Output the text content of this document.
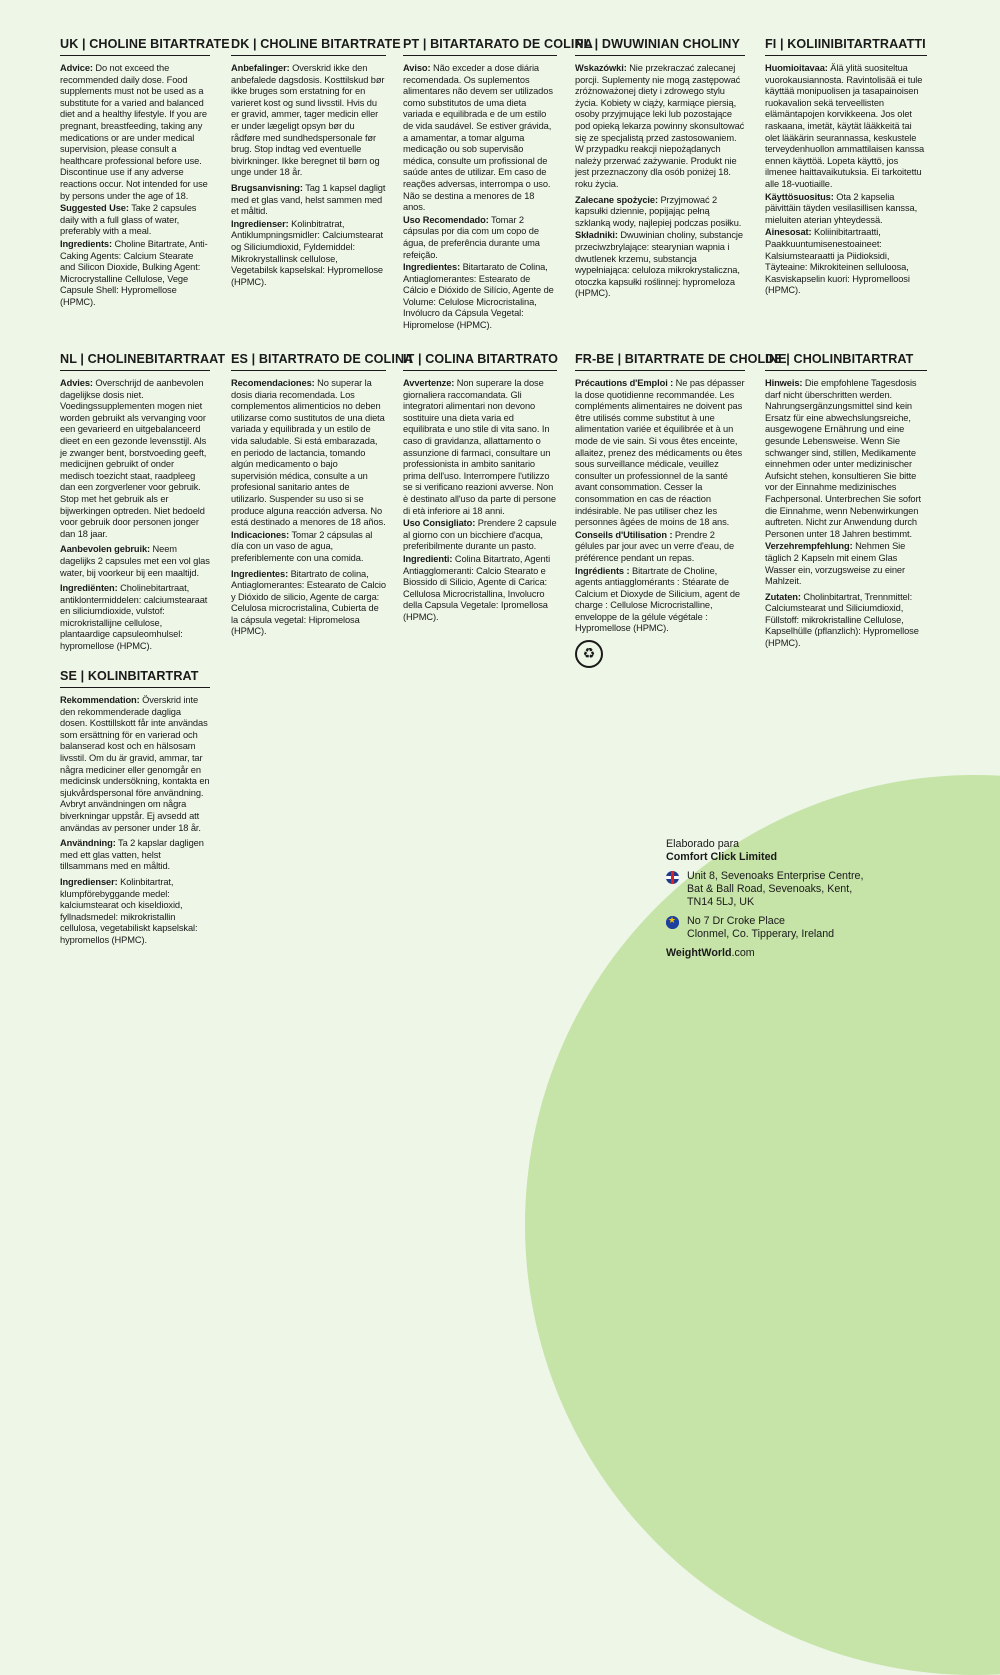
UK | CHOLINE BITARTRATE

Advice: Do not exceed the recommended daily dose. Food supplements must not be used as a substitute for a varied and balanced diet and a healthy lifestyle. If you are pregnant, breastfeeding, taking any medications or are under medical supervision, please consult a healthcare professional before use. Discontinue use if any adverse reactions occur. Not intended for use by persons under the age of 18.

Suggested Use: Take 2 capsules daily with a full glass of water, preferably with a meal.

Ingredients: Choline Bitartrate, Anti-Caking Agents: Calcium Stearate and Silicon Dioxide, Bulking Agent: Microcrystalline Cellulose, Vege Capsule Shell: Hypromellose (HPMC).

DK | CHOLINE BITARTRATE

Anbefalinger: Overskrid ikke den anbefalede dagsdosis. Kosttilskud bør ikke bruges som erstatning for en varieret kost og sund livsstil. Hvis du er gravid, ammer, tager medicin eller er under lægeligt opsyn bør du rådføre med sundhedspersonale før brug. Stop indtag ved eventuelle bivirkninger. Ikke beregnet til børn og unge under 18 år.

Brugsanvisning: Tag 1 kapsel dagligt med et glas vand, helst sammen med et måltid.

Ingredienser: Kolinbitratrat, Antiklumpningsmidler: Calciumstearat og Siliciumdioxid, Fyldemiddel: Mikrokrystallinsk cellulose, Vegetabilsk kapselskal: Hypromellose (HPMC).

PT | BITARTARATO DE COLINA

Aviso: Não exceder a dose diária recomendada. Os suplementos alimentares não devem ser utilizados como substitutos de uma dieta variada e equilibrada e de um estilo de vida saudável. Se estiver grávida, a amamentar, a tomar alguma medicação ou sob supervisão médica, consulte um profissional de saúde antes de utilizar. Em caso de reações adversas, interrompa o uso. Não se destina a menores de 18 anos.

Uso Recomendado: Tomar 2 cápsulas por dia com um copo de água, de preferência durante uma refeição.

Ingredientes: Bitartarato de Colina, Antiaglomerantes: Estearato de Cálcio e Dióxido de Silício, Agente de Volume: Celulose Microcristalina, Invólucro da Cápsula Vegetal: Hipromelose (HPMC).

PL | DWUWINIAN CHOLINY

Wskazówki: Nie przekraczać zalecanej porcji. Suplementy nie mogą zastępować zróżnoważonej diety i zdrowego stylu życia. Kobiety w ciąży, karmiące piersią, osoby przyjmujące leki lub pozostające pod opieką lekarza powinny skonsultować się ze specjalistą przed zastosowaniem. W przypadku reakcji niepożądanych należy przerwać zażywanie. Produkt nie jest przeznaczony dla osób poniżej 18. roku życia.

Zalecane spożycie: Przyjmować 2 kapsułki dziennie, popijając pełną szklanką wody, najlepiej podczas posiłku.

Składniki: Dwuwinian choliny, substancje przeciwzbrylające: stearynian wapnia i dwutlenek krzemu, substancja wypełniająca: celuloza mikrokrystaliczna, otoczka kapsułki roślinnej: hypromeloza (HPMC).

FI | KOLIINIBITARTRAATTI

Huomioitavaa: Älä ylitä suositeltua vuorokausiannosta. Ravintolisää ei tule käyttää monipuolisen ja tasapainoisen ruokavalion sekä terveellisten elämäntapojen korvikkeena. Jos olet raskaana, imetät, käytät lääkkeitä tai olet lääkärin seurannassa, keskustele terveydenhuollon ammattilaisen kanssa ennen käyttöä. Lopeta käyttö, jos ilmenee haittavaikutuksia. Ei tarkoitettu alle 18-vuotiaille.

Käyttösuositus: Ota 2 kapselia päivittäin täyden vesilasillisen kanssa, mieluiten aterian yhteydessä.

Ainesosat: Koliinibitartraatti, Paakkuuntumisenestoaineet: Kalsiumstearaatti ja Piidioksidi, Täyteaine: Mikrokiteinen selluloosa, Kasviskapselin kuori: Hypromelloosi (HPMC).

NL | CHOLINEBITARTRAAT

Advies: Overschrijd de aanbevolen dagelijkse dosis niet. Voedingssupplementen mogen niet worden gebruikt als vervanging voor een gevarieerd en uitgebalanceerd dieet en een gezonde levensstijl. Als je zwanger bent, borstvoeding geeft, medicijnen gebruikt of onder medisch toezicht staat, raadpleeg dan een zorgverlener voor gebruik. Stop met het gebruik als er bijwerkingen optreden. Niet bedoeld voor gebruik door personen jonger dan 18 jaar.

Aanbevolen gebruik: Neem dagelijks 2 capsules met een vol glas water, bij voorkeur bij een maaltijd.

Ingrediënten: Cholinebitartraat, antiklontermiddelen: calciumstearaat en siliciumdioxide, vulstof: microkristallijne cellulose, plantaardige capsuleomhulsel: hypromellose (HPMC).

ES | BITARTRATO DE COLINA

Recomendaciones: No superar la dosis diaria recomendada. Los complementos alimenticios no deben utilizarse como sustitutos de una dieta variada y equilibrada y un estilo de vida saludable. Si está embarazada, en periodo de lactancia, tomando algún medicamento o bajo supervisión médica, consulte a un profesional sanitario antes de utilizarlo. Suspender su uso si se produce alguna reacción adversa. No está destinado a menores de 18 años.

Indicaciones: Tomar 2 cápsulas al día con un vaso de agua, preferiblemente con una comida.

Ingredientes: Bitartrato de colina, Antiaglomerantes: Estearato de Calcio y Dióxido de silicio, Agente de carga: Celulosa microcristalina, Cubierta de la cápsula vegetal: Hipromelosa (HPMC).

IT | COLINA BITARTRATO

Avvertenze: Non superare la dose giornaliera raccomandata. Gli integratori alimentari non devono sostituire una dieta varia ed equilibrata e uno stile di vita sano. In caso di gravidanza, allattamento o assunzione di farmaci, consultare un professionista in ambito sanitario prima dell'uso. Interrompere l'utilizzo se si verificano reazioni avverse. Non è destinato all'uso da parte di persone di età inferiore ai 18 anni.

Uso Consigliato: Prendere 2 capsule al giorno con un bicchiere d'acqua, preferibilmente durante un pasto.

Ingredienti: Colina Bitartrato, Agenti Antiagglomeranti: Calcio Stearato e Biossido di Silicio, Agente di Carica: Cellulosa Microcristallina, Involucro della Capsula Vegetale: Ipromellosa (HPMC).

FR-BE | BITARTRATE DE CHOLINE

Précautions d'Emploi : Ne pas dépasser la dose quotidienne recommandée. Les compléments alimentaires ne doivent pas être utilisés comme substitut à une alimentation variée et équilibrée et à un mode de vie sain. Si vous êtes enceinte, allaitez, prenez des médicaments ou êtes sous surveillance médicale, veuillez consulter un professionnel de la santé avant consommation. Cesser la consommation en cas de réaction indésirable. Ne pas utiliser chez les personnes âgées de moins de 18 ans.

Conseils d'Utilisation : Prendre 2 gélules par jour avec un verre d'eau, de préférence pendant un repas.

Ingrédients : Bitartrate de Choline, agents antiagglomérants : Stéarate de Calcium et Dioxyde de Silicium, agent de charge : Cellulose Microcristalline, enveloppe de la gélule végétale : Hypromellose (HPMC).

♻
DE | CHOLINBITARTRAT

Hinweis: Die empfohlene Tagesdosis darf nicht überschritten werden. Nahrungsergänzungsmittel sind kein Ersatz für eine abwechslungsreiche, ausgewogene Ernährung und eine gesunde Lebensweise. Wenn Sie schwanger sind, stillen, Medikamente einnehmen oder unter medizinischer Aufsicht stehen, konsultieren Sie bitte vor der Einnahme medizinisches Fachpersonal. Unterbrechen Sie sofort die Einnahme, wenn Nebenwirkungen auftreten. Nicht zur Anwendung durch Personen unter 18 Jahren bestimmt.

Verzehrempfehlung: Nehmen Sie täglich 2 Kapseln mit einem Glas Wasser ein, vorzugsweise zu einer Mahlzeit.

Zutaten: Cholinbitartrat, Trennmittel: Calciumstearat und Siliciumdioxid, Füllstoff: mikrokristalline Cellulose, Kapselhülle (pflanzlich): Hypromellose (HPMC).

SE | KOLINBITARTRAT

Rekommendation: Överskrid inte den rekommenderade dagliga dosen. Kosttillskott får inte användas som ersättning för en varierad och balanserad kost och en hälsosam livsstil. Om du är gravid, ammar, tar några mediciner eller genomgår en medicinsk undersökning, kontakta en sjukvårdspersonal före användning. Avbryt användningen om några biverkningar uppstår. Ej avsedd att användas av personer under 18 år.

Användning: Ta 2 kapslar dagligen med ett glas vatten, helst tillsammans med en måltid.

Ingredienser: Kolinbitartrat, klumpförebyggande medel: kalciumstearat och kiseldioxid, fyllnadsmedel: mikrokristallin cellulosa, vegetabiliskt kapselskal: hypromellos (HPMC).

Elaborado para

Comfort Click Limited

Unit 8, Sevenoaks Enterprise Centre,

Bat & Ball Road, Sevenoaks, Kent,

TN14 5LJ, UK

★

No 7 Dr Croke Place

Clonmel, Co. Tipperary, Ireland

WeightWorld.com
